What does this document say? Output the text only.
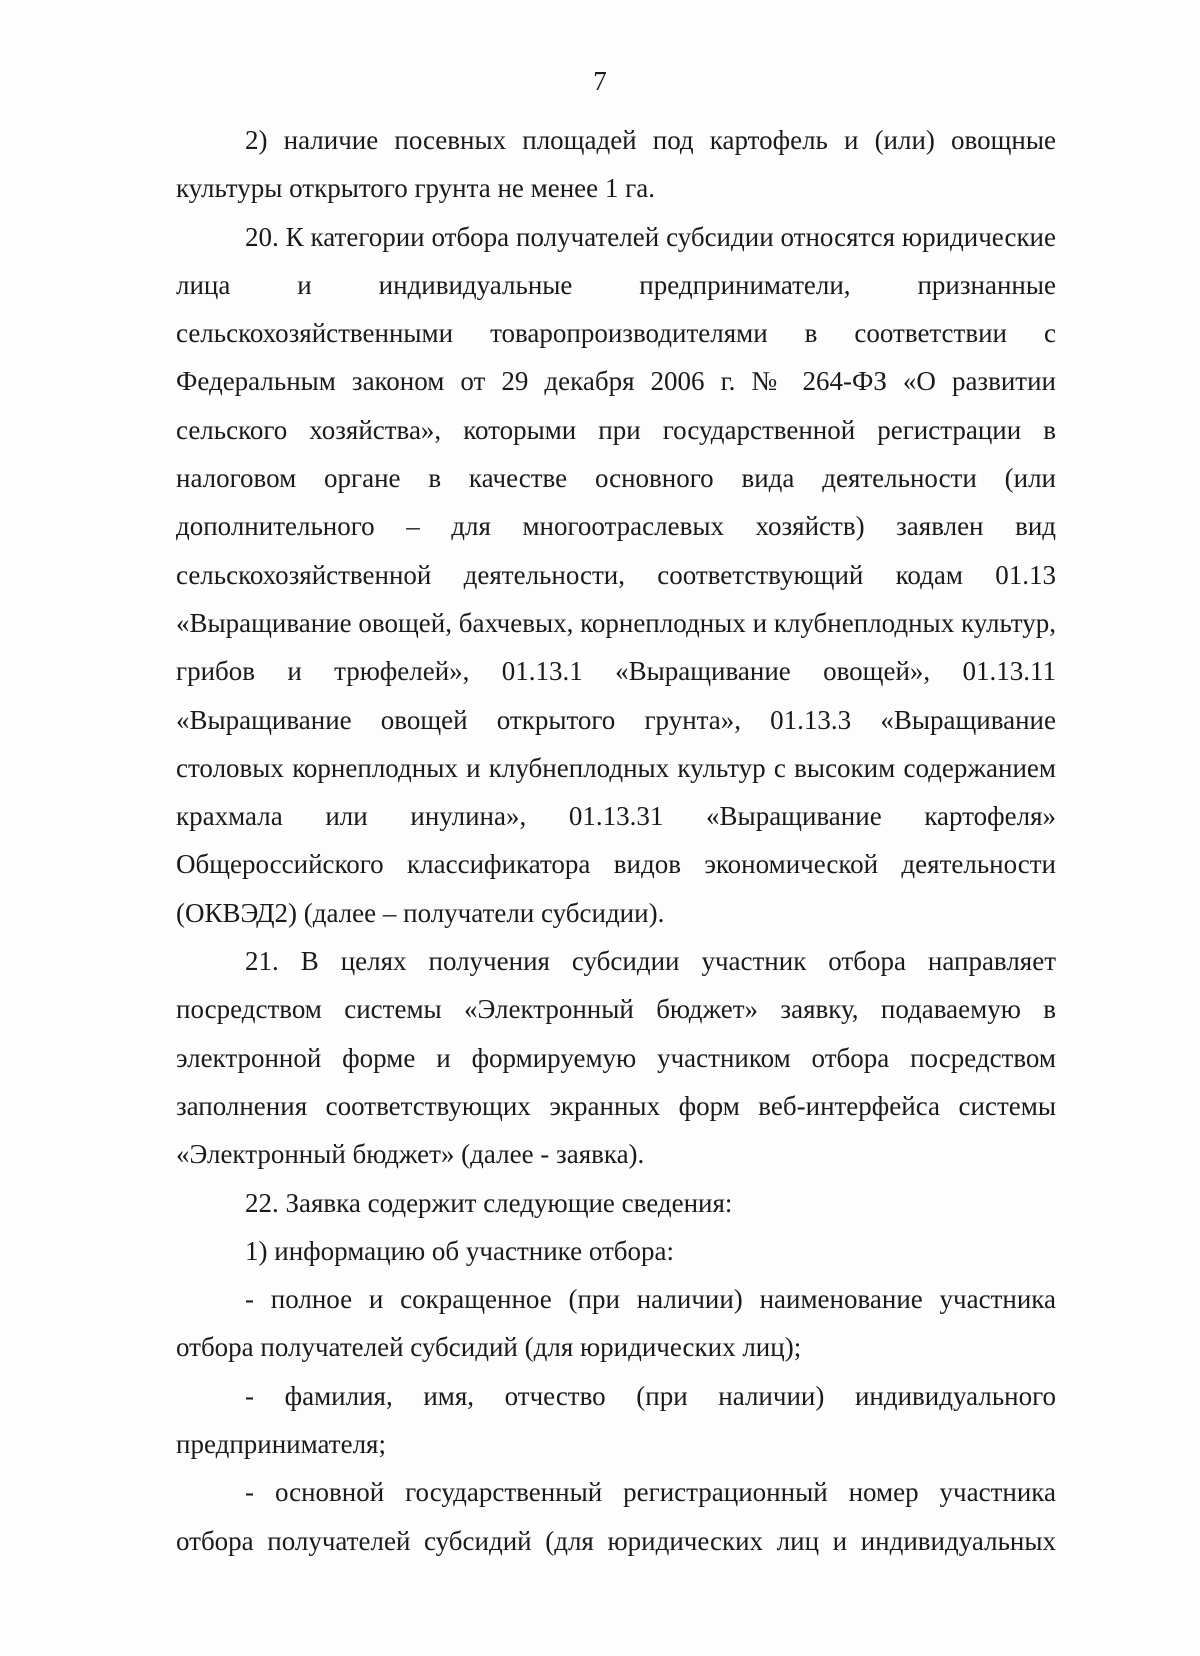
7

2) наличие посевных площадей под картофель и (или) овощные культуры открытого грунта не менее 1 га.

20. К категории отбора получателей субсидии относятся юридические лица и индивидуальные предприниматели, признанные сельскохозяйственными товаропроизводителями в соответствии с Федеральным законом от 29 декабря 2006 г. № 264-ФЗ «О развитии сельского хозяйства», которыми при государственной регистрации в налоговом органе в качестве основного вида деятельности (или дополнительного – для многоотраслевых хозяйств) заявлен вид сельскохозяйственной деятельности, соответствующий кодам 01.13 «Выращивание овощей, бахчевых, корнеплодных и клубнеплодных культур, грибов и трюфелей», 01.13.1 «Выращивание овощей», 01.13.11 «Выращивание овощей открытого грунта», 01.13.3 «Выращивание столовых корнеплодных и клубнеплодных культур с высоким содержанием крахмала или инулина», 01.13.31 «Выращивание картофеля» Общероссийского классификатора видов экономической деятельности (ОКВЭД2) (далее – получатели субсидии).

21. В целях получения субсидии участник отбора направляет посредством системы «Электронный бюджет» заявку, подаваемую в электронной форме и формируемую участником отбора посредством заполнения соответствующих экранных форм веб-интерфейса системы «Электронный бюджет» (далее - заявка).

22. Заявка содержит следующие сведения:

1) информацию об участнике отбора:

- полное и сокращенное (при наличии) наименование участника отбора получателей субсидий (для юридических лиц);

- фамилия, имя, отчество (при наличии) индивидуального предпринимателя;

- основной государственный регистрационный номер участника отбора получателей субсидий (для юридических лиц и индивидуальных
